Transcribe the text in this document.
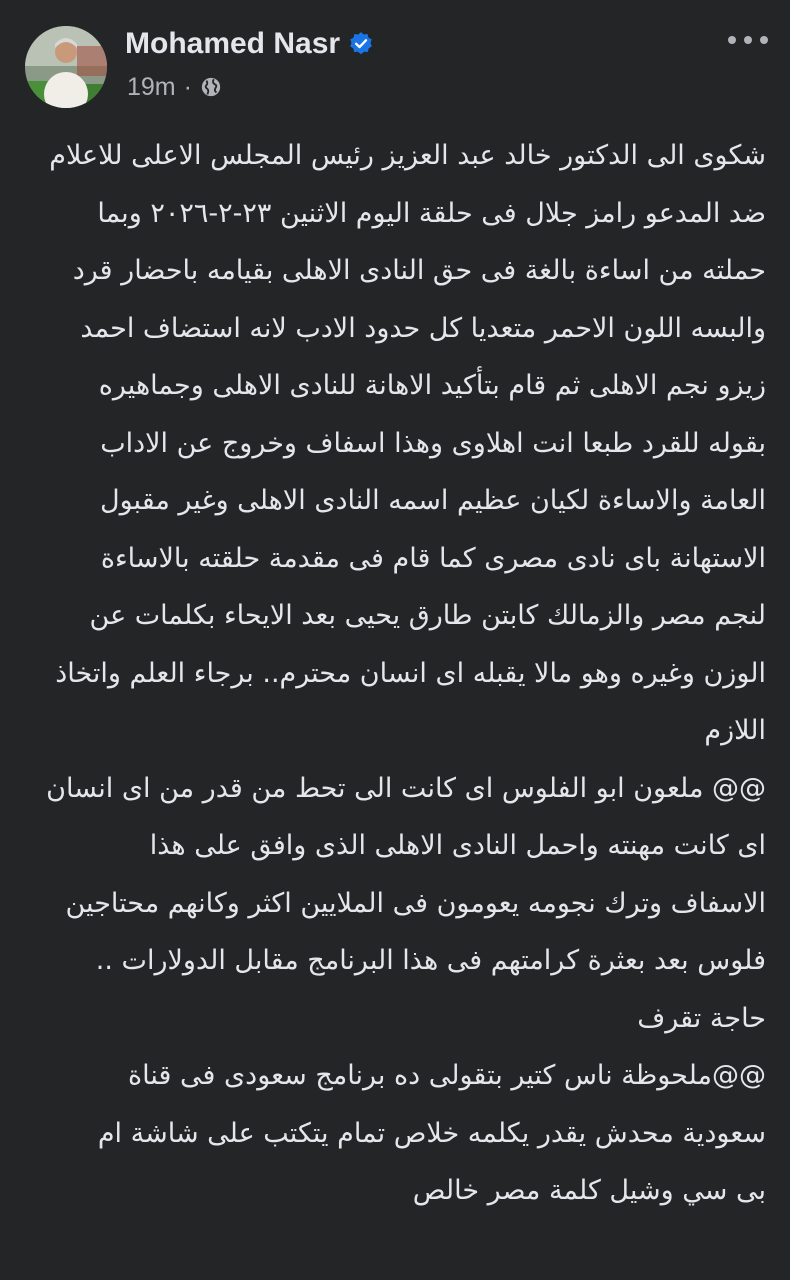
Mohamed Nasr
19m ·
شكوى الى الدكتور خالد عبد العزيز رئيس المجلس الاعلى للاعلام
ضد المدعو رامز جلال فى حلقة اليوم الاثنين ٢٣-٢-٢٠٢٦ وبما
حملته من اساءة بالغة فى حق النادى الاهلى بقيامه باحضار قرد
والبسه اللون الاحمر متعديا كل حدود الادب لانه استضاف احمد
زيزو نجم الاهلى ثم قام بتأكيد الاهانة للنادى الاهلى وجماهيره
بقوله للقرد طبعا انت اهلاوى وهذا اسفاف وخروج عن الاداب
العامة والاساءة لكيان عظيم اسمه النادى الاهلى وغير مقبول
الاستهانة باى نادى مصرى كما قام فى مقدمة حلقته بالاساءة
لنجم مصر والزمالك كابتن طارق يحيى بعد الايحاء بكلمات عن
الوزن وغيره وهو مالا يقبله اى انسان محترم.. برجاء العلم واتخاذ
اللازم
@@ ملعون ابو الفلوس اى كانت الى تحط من قدر من اى انسان
اى كانت مهنته واحمل النادى الاهلى الذى وافق على هذا
الاسفاف وترك نجومه يعومون فى الملايين اكثر وكانهم محتاجين
فلوس بعد بعثرة كرامتهم فى هذا البرنامج مقابل الدولارات ..
حاجة تقرف
@@ملحوظة ناس كتير بتقولى ده برنامج سعودى فى قناة
سعودية محدش يقدر يكلمه خلاص تمام يتكتب على شاشة ام
بى سي وشيل كلمة مصر خالص
